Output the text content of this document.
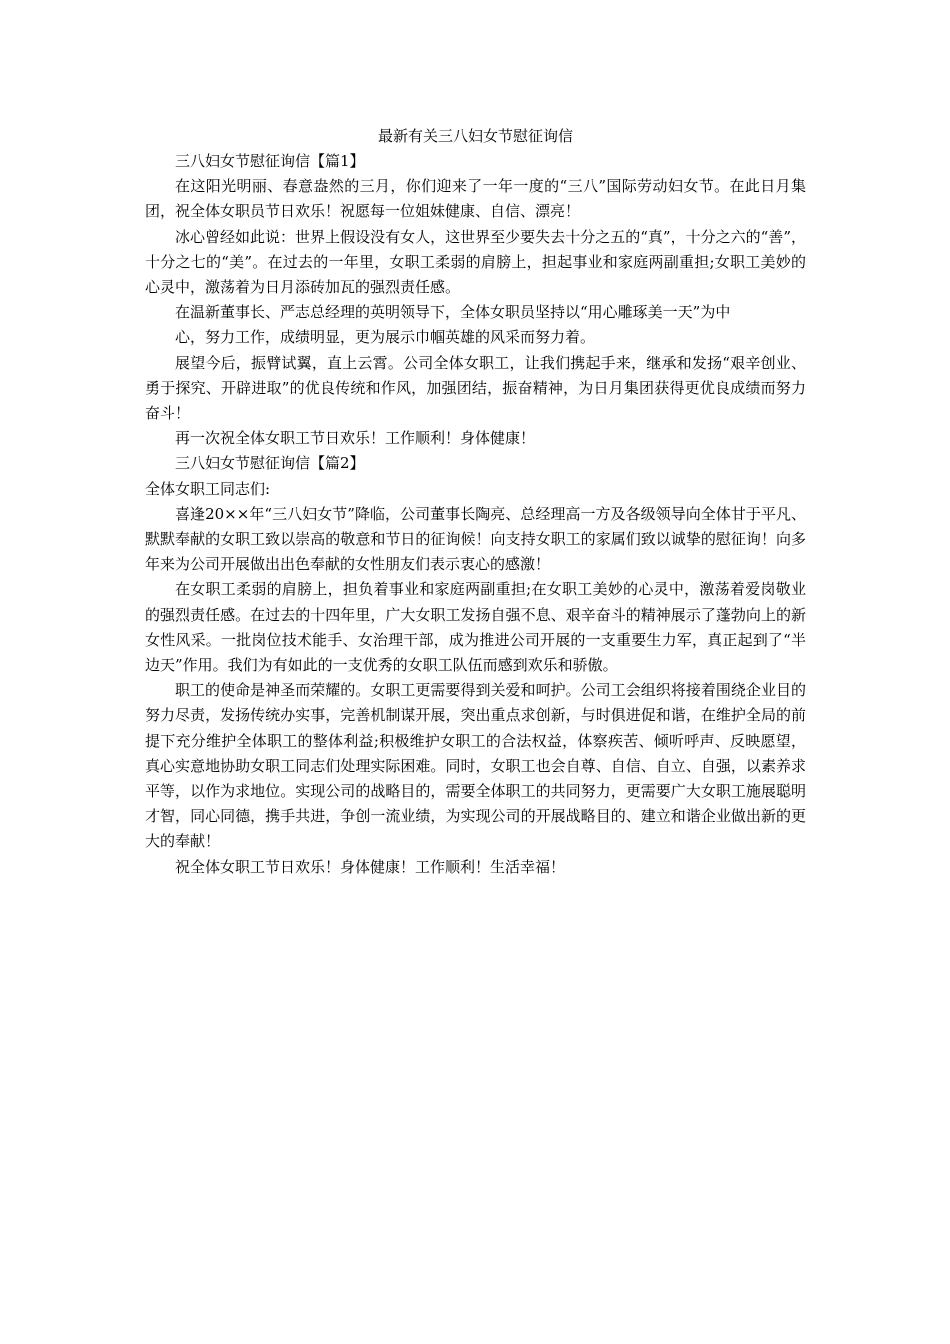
最新有关三八妇女节慰征询信

三八妇女节慰征询信【篇1】

在这阳光明丽、春意盎然的三月，你们迎来了一年一度的“三八”国际劳动妇女节。在此日月集团，祝全体女职员节日欢乐！祝愿每一位姐妹健康、自信、漂亮！

冰心曾经如此说：世界上假设没有女人，这世界至少要失去十分之五的“真”，十分之六的“善”，十分之七的“美”。在过去的一年里，女职工柔弱的肩膀上，担起事业和家庭两副重担;女职工美妙的心灵中，激荡着为日月添砖加瓦的强烈责任感。

在温新董事长、严志总经理的英明领导下，全体女职员坚持以“用心雕琢美一天”为中

心，努力工作，成绩明显，更为展示巾帼英雄的风采而努力着。

展望今后，振臂试翼，直上云霄。公司全体女职工，让我们携起手来，继承和发扬“艰辛创业、勇于探究、开辟进取”的优良传统和作风，加强团结，振奋精神，为日月集团获得更优良成绩而努力奋斗！

再一次祝全体女职工节日欢乐！工作顺利！身体健康！

三八妇女节慰征询信【篇2】

全体女职工同志们:

喜逢20××年“三八妇女节”降临，公司董事长陶亮、总经理高一方及各级领导向全体甘于平凡、默默奉献的女职工致以崇高的敬意和节日的征询候！向支持女职工的家属们致以诚挚的慰征询！向多年来为公司开展做出出色奉献的女性朋友们表示衷心的感激！

在女职工柔弱的肩膀上，担负着事业和家庭两副重担;在女职工美妙的心灵中，激荡着爱岗敬业的强烈责任感。在过去的十四年里，广大女职工发扬自强不息、艰辛奋斗的精神展示了蓬勃向上的新女性风采。一批岗位技术能手、女治理干部，成为推进公司开展的一支重要生力军，真正起到了“半边天”作用。我们为有如此的一支优秀的女职工队伍而感到欢乐和骄傲。

职工的使命是神圣而荣耀的。女职工更需要得到关爱和呵护。公司工会组织将接着围绕企业目的努力尽责，发扬传统办实事，完善机制谋开展，突出重点求创新，与时俱进促和谐，在维护全局的前提下充分维护全体职工的整体利益;积极维护女职工的合法权益，体察疾苦、倾听呼声、反映愿望，真心实意地协助女职工同志们处理实际困难。同时，女职工也会自尊、自信、自立、自强，以素养求平等，以作为求地位。实现公司的战略目的，需要全体职工的共同努力，更需要广大女职工施展聪明才智，同心同德，携手共进，争创一流业绩，为实现公司的开展战略目的、建立和谐企业做出新的更大的奉献！

祝全体女职工节日欢乐！身体健康！工作顺利！生活幸福！
